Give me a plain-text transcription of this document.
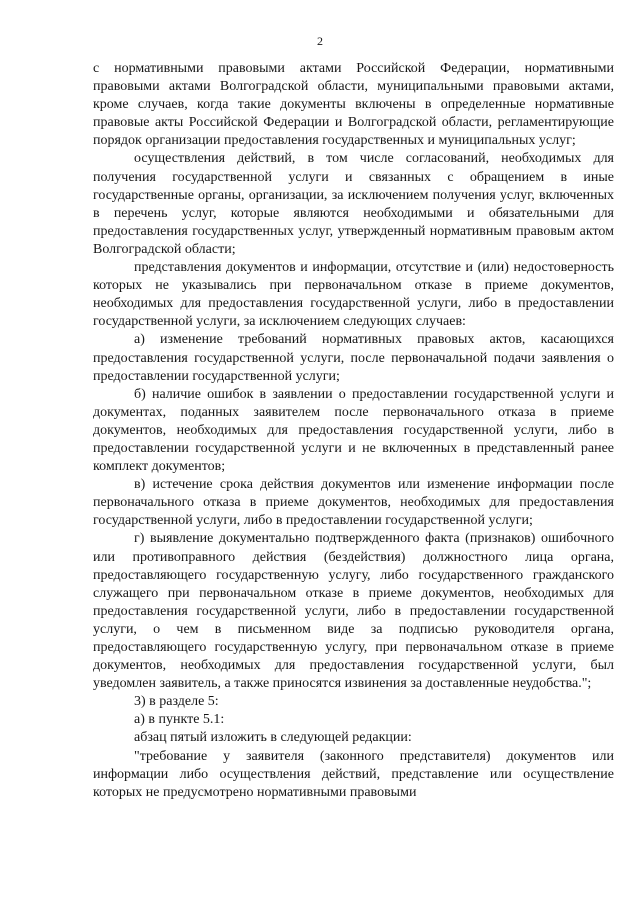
2

с нормативными правовыми актами Российской Федерации, нормативными правовыми актами Волгоградской области, муниципальными правовыми актами, кроме случаев, когда такие документы включены в определенные нормативные правовые акты Российской Федерации и Волгоградской области, регламентирующие порядок организации предоставления государственных и муниципальных услуг;

осуществления действий, в том числе согласований, необходимых для получения государственной услуги и связанных с обращением в иные государственные органы, организации, за исключением получения услуг, включенных в перечень услуг, которые являются необходимыми и обязательными для предоставления государственных услуг, утвержденный нормативным правовым актом Волгоградской области;

представления документов и информации, отсутствие и (или) недостоверность которых не указывались при первоначальном отказе в приеме документов, необходимых для предоставления государственной услуги, либо в предоставлении государственной услуги, за исключением следующих случаев:

а) изменение требований нормативных правовых актов, касающихся предоставления государственной услуги, после первоначальной подачи заявления о предоставлении государственной услуги;

б) наличие ошибок в заявлении о предоставлении государственной услуги и документах, поданных заявителем после первоначального отказа в приеме документов, необходимых для предоставления государственной услуги, либо в предоставлении государственной услуги и не включенных в представленный ранее комплект документов;

в) истечение срока действия документов или изменение информации после первоначального отказа в приеме документов, необходимых для предоставления государственной услуги, либо в предоставлении государственной услуги;

г) выявление документально подтвержденного факта (признаков) ошибочного или противоправного действия (бездействия) должностного лица органа, предоставляющего государственную услугу, либо государственного гражданского служащего при первоначальном отказе в приеме документов, необходимых для предоставления государственной услуги, либо в предоставлении государственной услуги, о чем в письменном виде за подписью руководителя органа, предоставляющего государственную услугу, при первоначальном отказе в приеме документов, необходимых для предоставления государственной услуги, был уведомлен заявитель, а также приносятся извинения за доставленные неудобства.";

3) в разделе 5:

а) в пункте 5.1:

абзац пятый изложить в следующей редакции:

"требование у заявителя (законного представителя) документов или информации либо осуществления действий, представление или осуществление которых не предусмотрено нормативными правовыми
